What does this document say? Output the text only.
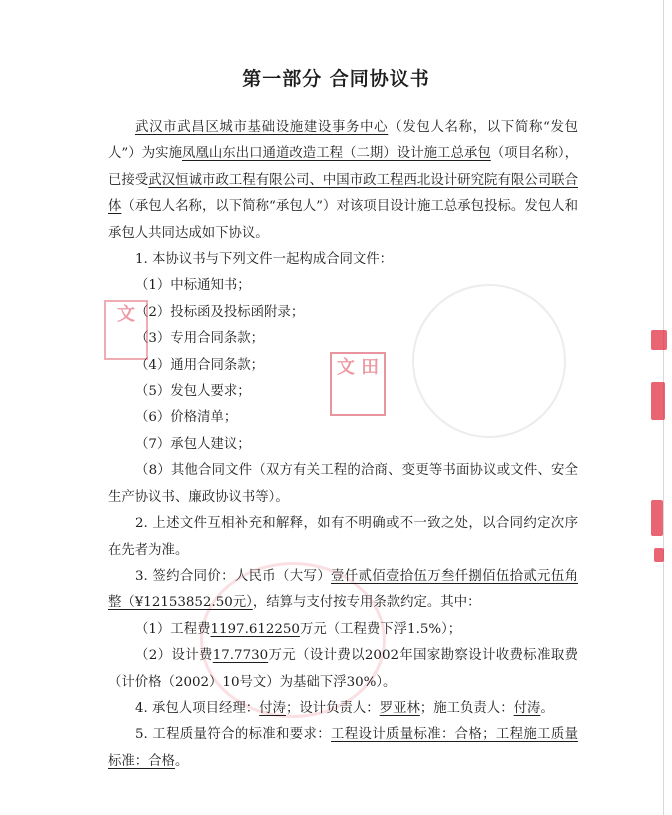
文
文 田
第一部分 合同协议书

武汉市武昌区城市基础设施建设事务中心（发包人名称，以下简称“发包人”）为实施凤凰山东出口通道改造工程（二期）设计施工总承包（项目名称），已接受武汉恒诚市政工程有限公司、中国市政工程西北设计研究院有限公司联合体（承包人名称，以下简称“承包人”）对该项目设计施工总承包投标。发包人和承包人共同达成如下协议。

1. 本协议书与下列文件一起构成合同文件：

（1）中标通知书；

（2）投标函及投标函附录；

（3）专用合同条款；

（4）通用合同条款；

（5）发包人要求；

（6）价格清单；

（7）承包人建议；

（8）其他合同文件（双方有关工程的洽商、变更等书面协议或文件、安全生产协议书、廉政协议书等）。

2. 上述文件互相补充和解释，如有不明确或不一致之处，以合同约定次序在先者为准。

3. 签约合同价：人民币（大写）壹仟贰佰壹拾伍万叁仟捌佰伍拾贰元伍角整（¥12153852.50元），结算与支付按专用条款约定。其中：

（1）工程费1197.612250万元（工程费下浮1.5%）；

（2）设计费17.7730万元（设计费以2002年国家勘察设计收费标准取费（计价格（2002）10号文）为基础下浮30%）。

4. 承包人项目经理：付涛；设计负责人：罗亚林；施工负责人：付涛。

5. 工程质量符合的标准和要求：工程设计质量标准：合格；工程施工质量标准：合格。
